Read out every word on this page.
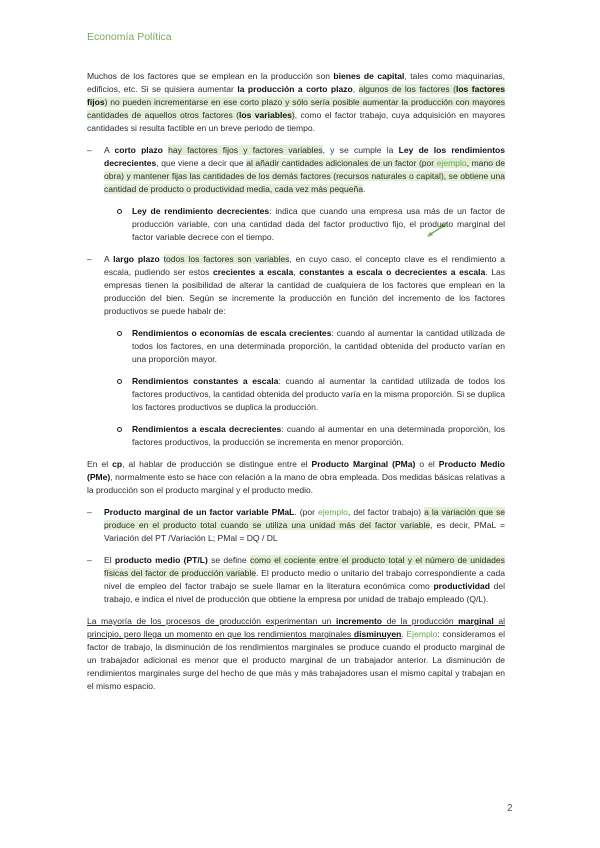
Economía Política

Muchos de los factores que se emplean en la producción son bienes de capital, tales como maquinarias, edificios, etc. Si se quisiera aumentar la producción a corto plazo, algunos de los factores (los factores fijos) no pueden incrementarse en ese corto plazo y sólo sería posible aumentar la producción con mayores cantidades de aquellos otros factores (los variables), como el factor trabajo, cuya adquisición en mayores cantidades si resulta factible en un breve periodo de tiempo.

– A corto plazo hay factores fijos y factores variables, y se cumple la Ley de los rendimientos decrecientes, que viene a decir que al añadir cantidades adicionales de un factor (por ejemplo, mano de obra) y mantener fijas las cantidades de los demás factores (recursos naturales o capital), se obtiene una cantidad de producto o productividad media, cada vez más pequeña.
Ley de rendimiento decrecientes: indica que cuando una empresa usa más de un factor de producción variable, con una cantidad dada del factor productivo fijo, el producto marginal del factor variable decrece con el tiempo.
– A largo plazo todos los factores son variables, en cuyo caso, el concepto clave es el rendimiento a escala, pudiendo ser estos crecientes a escala, constantes a escala o decrecientes a escala. Las empresas tienen la posibilidad de alterar la cantidad de cualquiera de los factores que emplean en la producción del bien. Según se incremente la producción en función del incremento de los factores productivos se puede habalr de:
Rendimientos o economías de escala crecientes: cuando al aumentar la cantidad utilizada de todos los factores, en una determinada proporción, la cantidad obtenida del producto varían en una proporción mayor.
Rendimientos constantes a escala: cuando al aumentar la cantidad utilizada de todos los factores productivos, la cantidad obtenida del producto varía en la misma proporción. Si se duplica los factores productivos se duplica la producción.
Rendimientos a escala decrecientes: cuando al aumentar en una determinada proporción, los factores productivos, la producción se incrementa en menor proporción.

En el cp, al hablar de producción se distingue entre el Producto Marginal (PMa) o el Producto Medio (PMe), normalmente esto se hace con relación a la mano de obra empleada. Dos medidas básicas relativas a la producción son el producto marginal y el producto medio.

– Producto marginal de un factor variable PMaL. (por ejemplo, del factor trabajo) a la variación que se produce en el producto total cuando se utiliza una unidad más del factor variable, es decir, PMaL = Variación del PT /Variación L; PMal = DQ / DL
– El producto medio (PT/L) se define como el cociente entre el producto total y el número de unidades físicas del factor de producción variable. El producto medio o unitario del trabajo correspondiente a cada nivel de empleo del factor trabajo se suele llamar en la literatura económica como productividad del trabajo, e indica el nivel de producción que obtiene la empresa por unidad de trabajo empleado (Q/L).

La mayoría de los procesos de producción experimentan un incremento de la producción marginal al principio, pero llega un momento en que los rendimientos marginales disminuyen. Ejemplo: consideramos el factor de trabajo, la disminución de los rendimientos marginales se produce cuando el producto marginal de un trabajador adicional es menor que el producto marginal de un trabajador anterior. La disminución de rendimientos marginales surge del hecho de que más y más trabajadores usan el mismo capital y trabajan en el mismo espacio.

2
